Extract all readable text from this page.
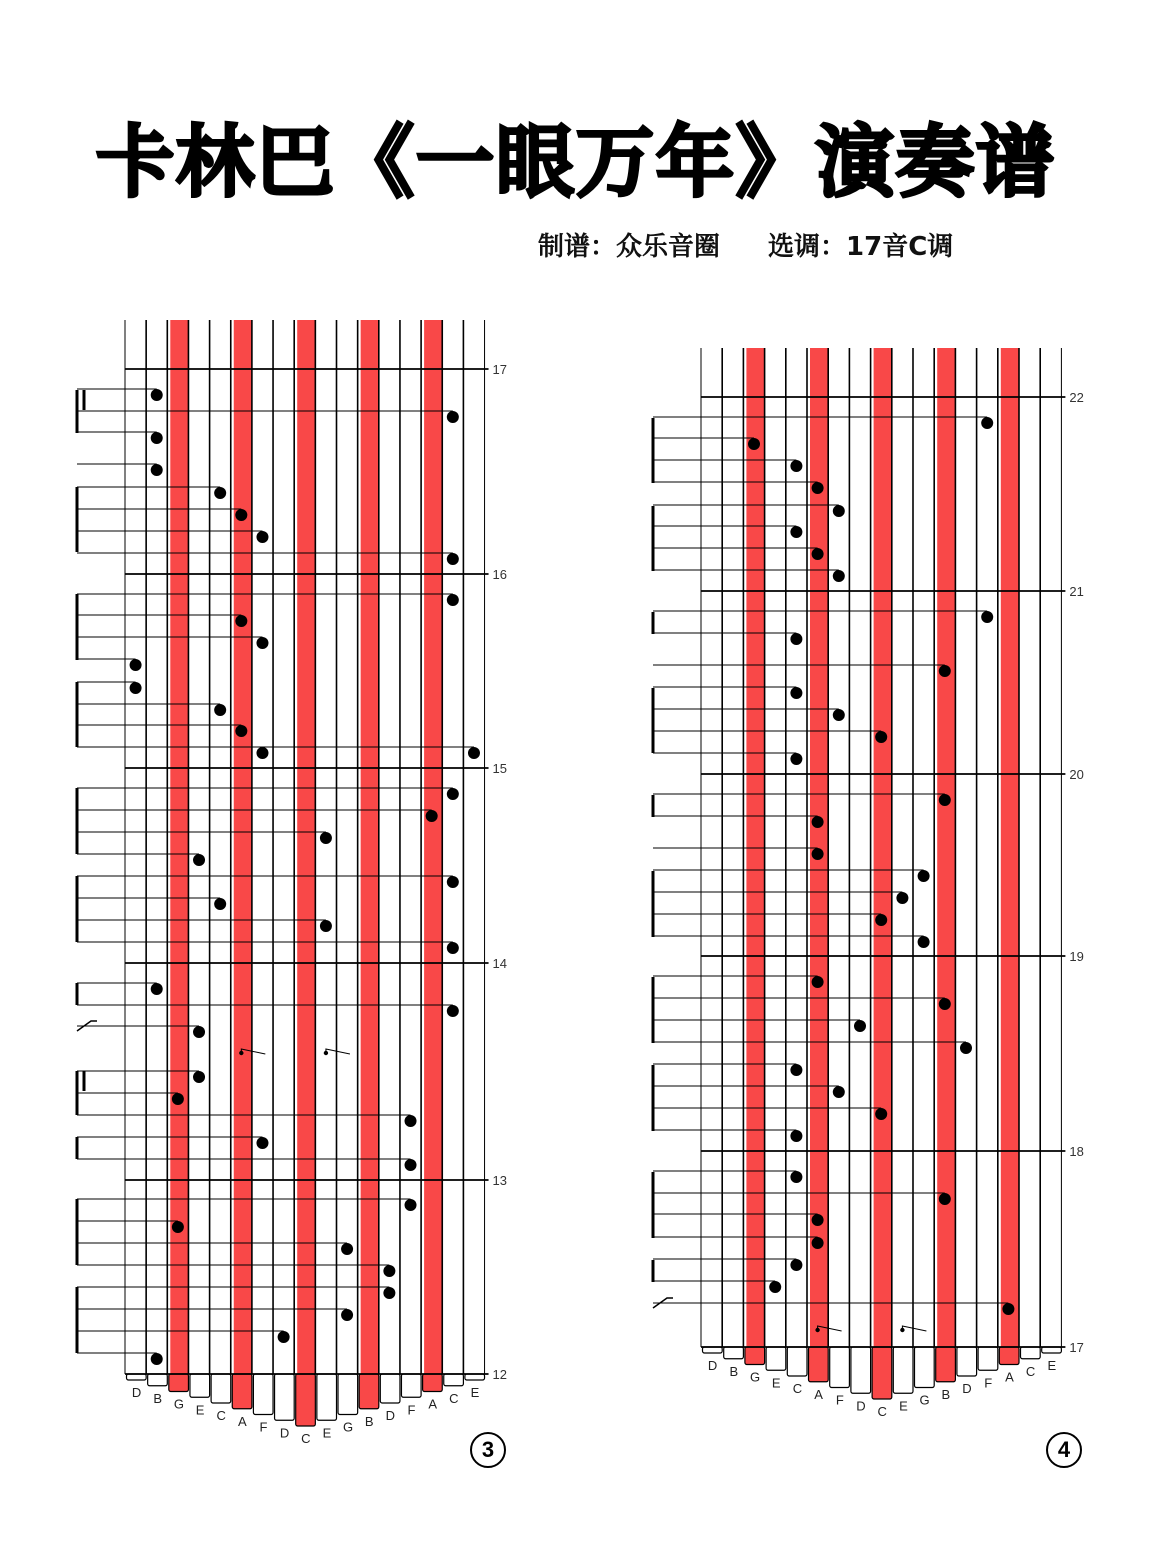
卡林巴《一眼万年》演奏谱
制谱：众乐音圈 选调：17音C调
D B G E C A F D C E G B D F A C E
17
16
15
14
13
12
D B G E C A F D C E G B D F A C E
22
21
20
19
18
17
3	4
